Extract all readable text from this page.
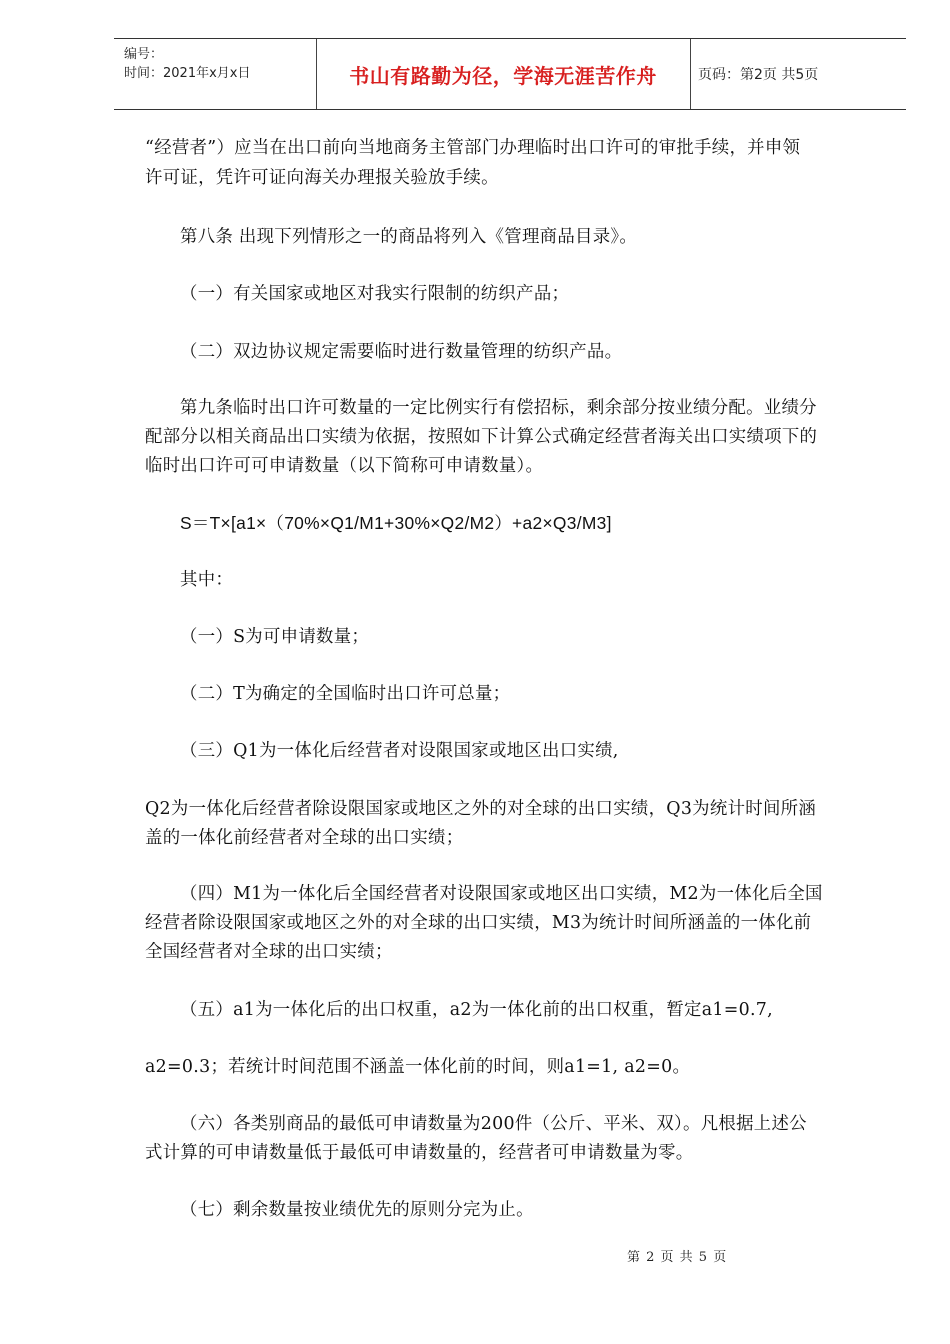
编号：
时间：2021年x月x日	书山有路勤为径，学海无涯苦作舟	页码：第2页 共5页
“经营者”）应当在出口前向当地商务主管部门办理临时出口许可的审批手续，并申领
许可证，凭许可证向海关办理报关验放手续。
第八条 出现下列情形之一的商品将列入《管理商品目录》。
（一）有关国家或地区对我实行限制的纺织产品；
（二）双边协议规定需要临时进行数量管理的纺织产品。
第九条临时出口许可数量的一定比例实行有偿招标，剩余部分按业绩分配。业绩分
配部分以相关商品出口实绩为依据，按照如下计算公式确定经营者海关出口实绩项下的
临时出口许可可申请数量（以下简称可申请数量）。
S＝T×[a1×（70%×Q1/M1+30%×Q2/M2）+a2×Q3/M3]
其中：
（一）S为可申请数量；
（二）T为确定的全国临时出口许可总量；
（三）Q1为一体化后经营者对设限国家或地区出口实绩,
Q2为一体化后经营者除设限国家或地区之外的对全球的出口实绩，Q3为统计时间所涵
盖的一体化前经营者对全球的出口实绩；
（四）M1为一体化后全国经营者对设限国家或地区出口实绩，M2为一体化后全国
经营者除设限国家或地区之外的对全球的出口实绩，M3为统计时间所涵盖的一体化前
全国经营者对全球的出口实绩；
（五）a1为一体化后的出口权重，a2为一体化前的出口权重，暂定a1=0.7,
a2=0.3；若统计时间范围不涵盖一体化前的时间，则a1=1, a2=0。
（六）各类别商品的最低可申请数量为200件（公斤、平米、双）。凡根据上述公
式计算的可申请数量低于最低可申请数量的，经营者可申请数量为零。
（七）剩余数量按业绩优先的原则分完为止。
第 2 页 共 5 页
